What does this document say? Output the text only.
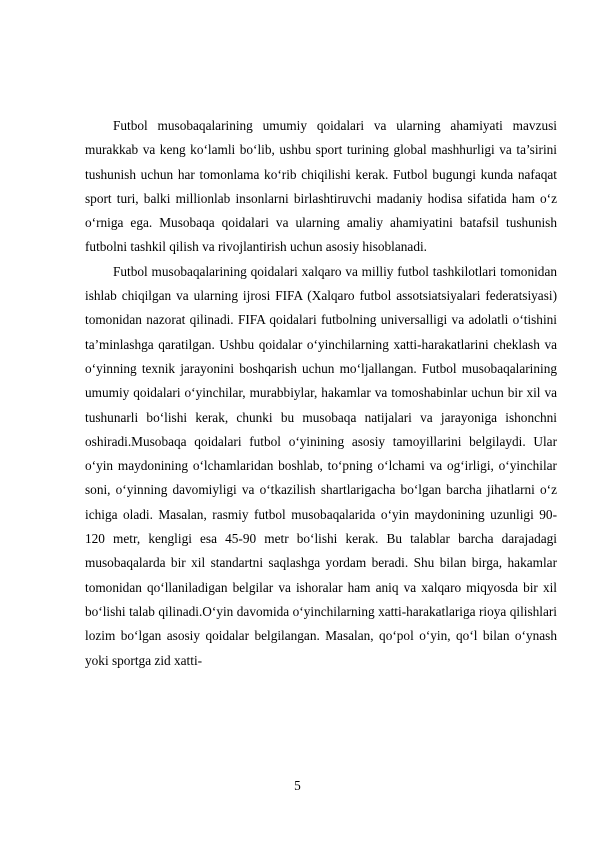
Futbol musobaqalarining umumiy qoidalari va ularning ahamiyati mavzusi murakkab va keng ko‘lamli bo‘lib, ushbu sport turining global mashhurligi va ta’sirini tushunish uchun har tomonlama ko‘rib chiqilishi kerak. Futbol bugungi kunda nafaqat sport turi, balki millionlab insonlarni birlashtiruvchi madaniy hodisa sifatida ham o‘z o‘rniga ega. Musobaqa qoidalari va ularning amaliy ahamiyatini batafsil tushunish futbolni tashkil qilish va rivojlantirish uchun asosiy hisoblanadi.

Futbol musobaqalarining qoidalari xalqaro va milliy futbol tashkilotlari tomonidan ishlab chiqilgan va ularning ijrosi FIFA (Xalqaro futbol assotsiatsiyalari federatsiyasi) tomonidan nazorat qilinadi. FIFA qoidalari futbolning universalligi va adolatli o‘tishini ta’minlashga qaratilgan. Ushbu qoidalar o‘yinchilarning xatti-harakatlarini cheklash va o‘yinning texnik jarayonini boshqarish uchun mo‘ljallangan. Futbol musobaqalarining umumiy qoidalari o‘yinchilar, murabbiylar, hakamlar va tomoshabinlar uchun bir xil va tushunarli bo‘lishi kerak, chunki bu musobaqa natijalari va jarayoniga ishonchni oshiradi.Musobaqa qoidalari futbol o‘yinining asosiy tamoyillarini belgilaydi. Ular o‘yin maydonining o‘lchamlaridan boshlab, to‘pning o‘lchami va og‘irligi, o‘yinchilar soni, o‘yinning davomiyligi va o‘tkazilish shartlarigacha bo‘lgan barcha jihatlarni o‘z ichiga oladi. Masalan, rasmiy futbol musobaqalarida o‘yin maydonining uzunligi 90-120 metr, kengligi esa 45-90 metr bo‘lishi kerak. Bu talablar barcha darajadagi musobaqalarda bir xil standartni saqlashga yordam beradi. Shu bilan birga, hakamlar tomonidan qo‘llaniladigan belgilar va ishoralar ham aniq va xalqaro miqyosda bir xil bo‘lishi talab qilinadi.O‘yin davomida o‘yinchilarning xatti-harakatlariga rioya qilishlari lozim bo‘lgan asosiy qoidalar belgilangan. Masalan, qo‘pol o‘yin, qo‘l bilan o‘ynash yoki sportga zid xatti-

5
